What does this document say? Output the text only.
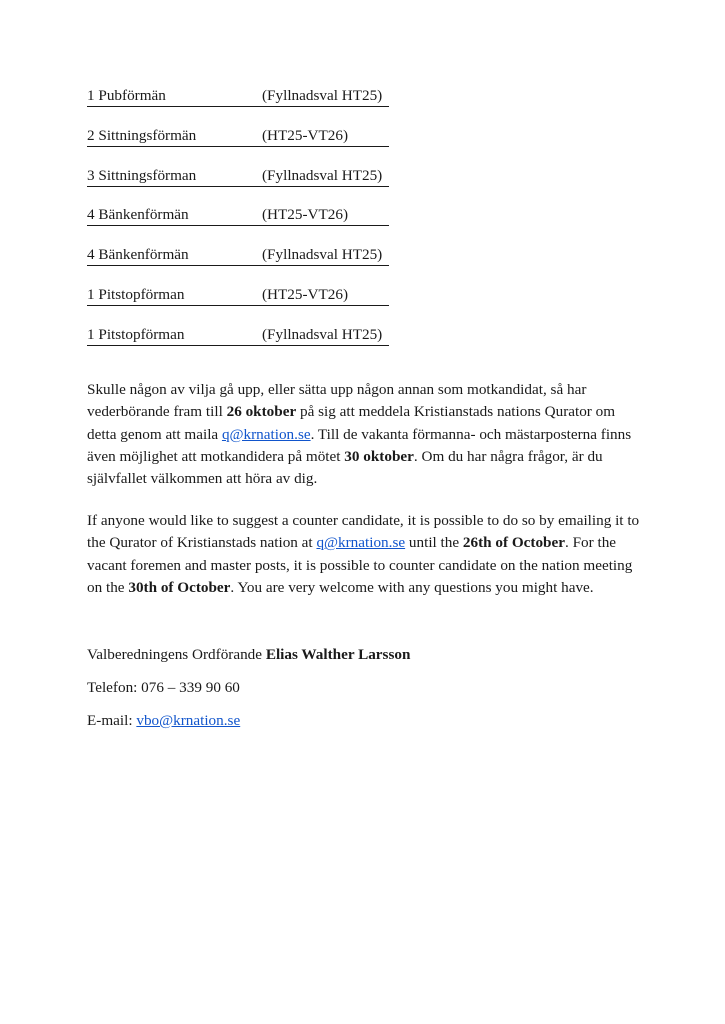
1 Pubförmän	(Fyllnadsval HT25)
2 Sittningsförmän	(HT25-VT26)
3 Sittningsförman	(Fyllnadsval HT25)
4 Bänkenförmän	(HT25-VT26)
4 Bänkenförmän	(Fyllnadsval HT25)
1 Pitstopförman	(HT25-VT26)
1 Pitstopförman	(Fyllnadsval HT25)

Skulle någon av vilja gå upp, eller sätta upp någon annan som motkandidat, så har vederbörande fram till 26 oktober på sig att meddela Kristianstads nations Qurator om detta genom att maila q@krnation.se. Till de vakanta förmanna- och mästarposterna finns även möjlighet att motkandidera på mötet 30 oktober. Om du har några frågor, är du självfallet välkommen att höra av dig.

If anyone would like to suggest a counter candidate, it is possible to do so by emailing it to the Qurator of Kristianstads nation at q@krnation.se until the 26th of October. For the vacant foremen and master posts, it is possible to counter candidate on the nation meeting on the 30th of October. You are very welcome with any questions you might have.

Valberedningens Ordförande Elias Walther Larsson
Telefon: 076 – 339 90 60
E-mail: vbo@krnation.se
